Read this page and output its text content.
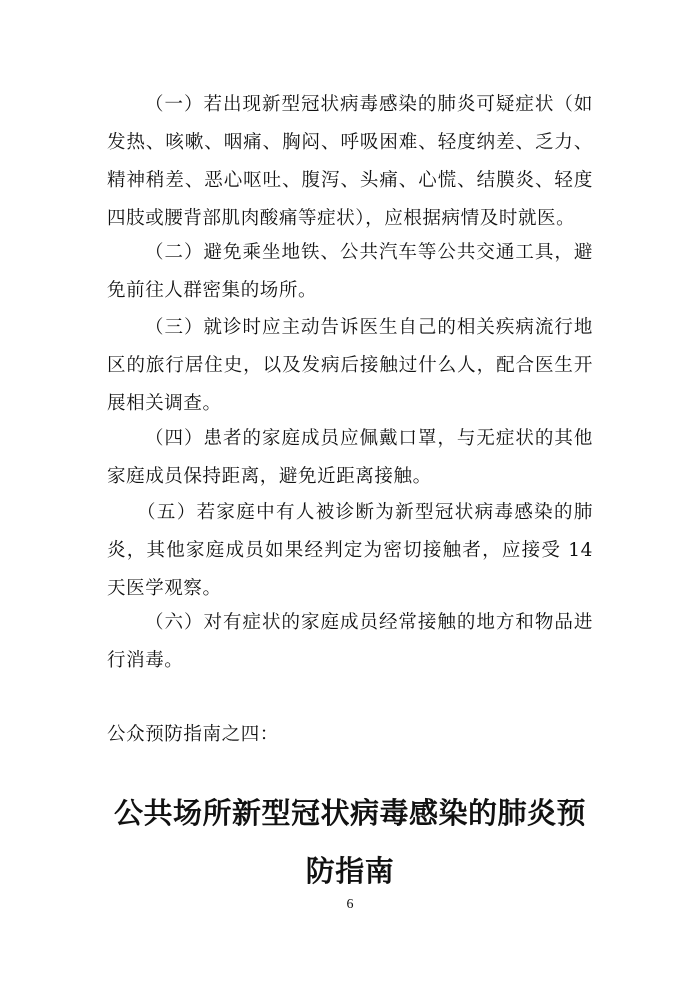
（一）若出现新型冠状病毒感染的肺炎可疑症状（如发热、咳嗽、咽痛、胸闷、呼吸困难、轻度纳差、乏力、精神稍差、恶心呕吐、腹泻、头痛、心慌、结膜炎、轻度四肢或腰背部肌肉酸痛等症状），应根据病情及时就医。

（二）避免乘坐地铁、公共汽车等公共交通工具，避免前往人群密集的场所。

（三）就诊时应主动告诉医生自己的相关疾病流行地区的旅行居住史，以及发病后接触过什么人，配合医生开展相关调查。

（四）患者的家庭成员应佩戴口罩，与无症状的其他家庭成员保持距离，避免近距离接触。

（五）若家庭中有人被诊断为新型冠状病毒感染的肺炎，其他家庭成员如果经判定为密切接触者，应接受 14 天医学观察。

（六）对有症状的家庭成员经常接触的地方和物品进行消毒。

公众预防指南之四：

公共场所新型冠状病毒感染的肺炎预防指南
6
